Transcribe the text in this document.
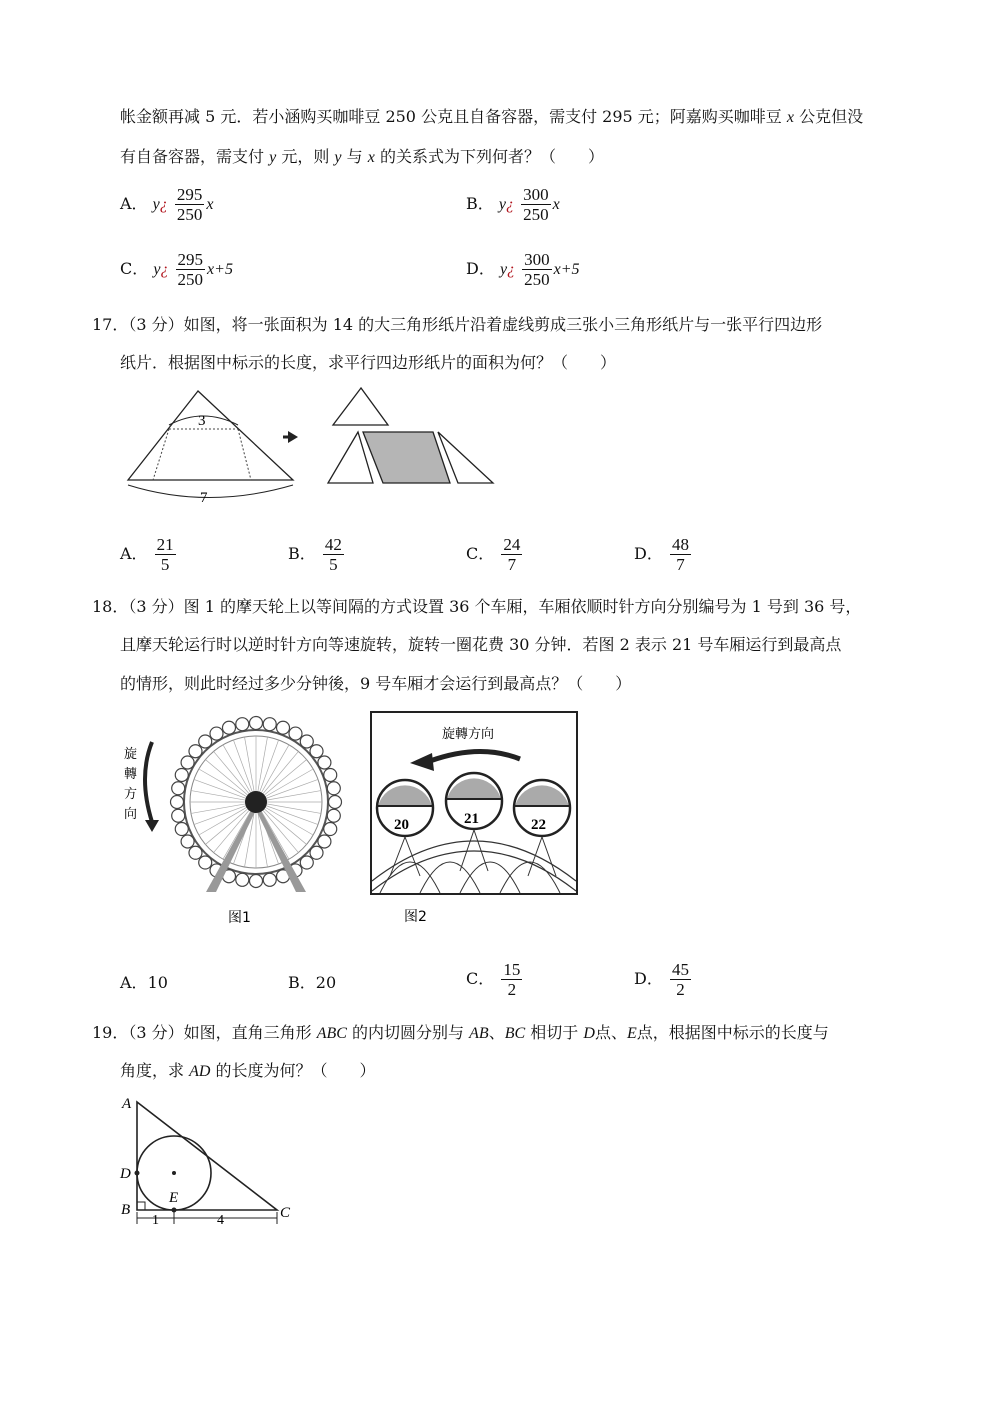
帐金额再减 5 元．若小涵购买咖啡豆 250 公克且自备容器，需支付 295 元；阿嘉购买咖啡豆 x 公克但没
有自备容器，需支付 y 元，则 y 与 x 的关系式为下列何者？（　　）
A． y¿ $\frac{295}{250}$ x	B． y¿ $\frac{300}{250}$ x
C． y¿ $\frac{295}{250} x+5$	D． y¿ $\frac{300}{250} x+5$
17．（3 分）如图，将一张面积为 14 的大三角形纸片沿着虚线剪成三张小三角形纸片与一张平行四边形
纸片．根据图中标示的长度，求平行四边形纸片的面积为何？（　　）
3
7
A． $\frac{21}{5}$	B． $\frac{42}{5}$	C． $\frac{24}{7}$	D． $\frac{48}{7}$
18．（3 分）图 1 的摩天轮上以等间隔的方式设置 36 个车厢，车厢依顺时针方向分别编号为 1 号到 36 号，
且摩天轮运行时以逆时针方向等速旋转，旋转一圈花费 30 分钟．若图 2 表示 21 号车厢运行到最高点
的情形，则此时经过多少分钟後，9 号车厢才会运行到最高点？（　　）
旋
轉
方
向
图1
旋轉方向
20	21	22
图2
A．10	B．20	C． $\frac{15}{2}$	D． $\frac{45}{2}$
19．（3 分）如图，直角三角形 ABC 的内切圆分别与 AB、BC 相切于 D点、E点，根据图中标示的长度与
角度，求 AD 的长度为何？（　　）
A
D
B
E
C
1	4
